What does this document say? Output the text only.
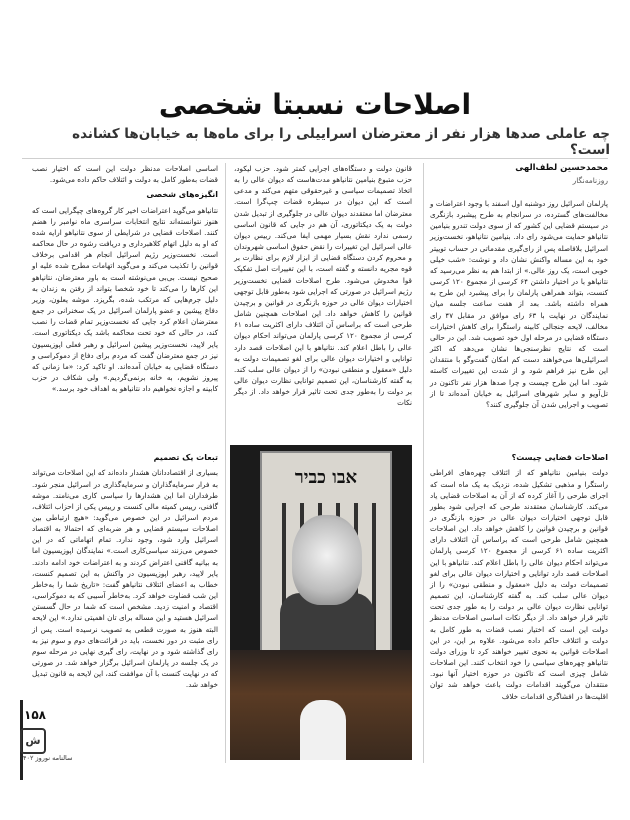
اصلاحات نسبتا شخصی
چه عاملی صدها هزار نفر از معترضان اسراییلی را برای ماه‌ها به خیابان‌ها کشانده است؟
محمدحسین لطف‌الهی
روزنامه‌نگار

پارلمان اسرائیل روز دوشنبه اول اسفند با وجود اعتراضات و مخالفت‌های گسترده، در سرانجام به طرح پیشبرد بازنگری در سیستم قضایی این کشور که از سوی دولت تندرو بنیامین نتانیاهو حمایت می‌شود رای داد. بنیامین نتانیاهو، نخست‌وزیر اسرائیل بلافاصله پس از رای‌گیری مقدماتی در حساب توییتر خود به این مساله واکنش نشان داد و نوشت: «شب خیلی خوبی است، یک روز عالی.» از ابتدا هم به نظر می‌رسید که نتانیاهو با در اختیار داشتن ۶۴ کرسی از مجموع ۱۲۰ کرسی کنست، بتواند همراهی پارلمان را برای پیشبرد این طرح به همراه داشته باشد. بعد از هفت ساعت جلسه میان نمایندگان در نهایت با ۶۳ رای موافق در مقابل ۴۷ رای مخالف، لایحه جنجالی کابینه راستگرا برای کاهش اختیارات دستگاه قضایی در مرحله اول خود تصویب شد. این در حالی است که نتایج نظرسنجی‌ها نشان می‌دهد که اکثر اسرائیلی‌ها می‌خواهند دست کم امکان گفت‌وگو با منتقدان این طرح نیز فراهم شود و از شدت این تغییرات کاسته شود. اما این طرح چیست و چرا صدها هزار نفر تاکنون در تل‌آویو و سایر شهرهای اسرائیل به خیابان آمده‌اند تا از تصویب و اجرایی شدن آن جلوگیری کنند؟

اصلاحات قضایی چیست؟

دولت بنیامین نتانیاهو که از ائتلاف چهره‌های افراطی راستگرا و مذهبی تشکیل شده، نزدیک به یک ماه است که اجرای طرحی را آغاز کرده که از آن به اصلاحات قضایی یاد می‌کند. کارشناسان معتقدند طرحی که اجرایی شود بطور قابل توجهی اختیارات دیوان عالی در حوزه بازنگری در قوانین و برچیدن قوانین را کاهش خواهد داد. این اصلاحات همچنین شامل طرحی است که براساس آن ائتلاف دارای اکثریت ساده ۶۱ کرسی از مجموع ۱۲۰ کرسی پارلمان می‌تواند احکام دیوان عالی را باطل اعلام کند. نتانیاهو با این اصلاحات قصد دارد توانایی و اختیارات دیوان عالی برای لغو تصمیمات دولت به دلیل «معقول و منطقی نبودن» را از دیوان عالی سلب کند. به گفته کارشناسان، این تصمیم توانایی نظارت دیوان عالی بر دولت را به طور جدی تحت تاثیر قرار خواهد داد. از دیگر نکات اساسی اصلاحات مدنظر دولت این است که اختیار نصب قضات به طور کامل به دولت و ائتلاف حاکم داده می‌شود. علاوه بر این، در این اصلاحات قوانین به نحوی تغییر خواهند کرد تا وزرای دولت نتانیاهو چهره‌های سیاسی را خود انتخاب کنند. این اصلاحات شامل چیزی است که تاکنون در حوزه اختیار آنها نبود. منتقدان می‌گویند اقدامات دولت باعث خواهد شد توان اقلیت‌ها در افشاگری اقدامات خلاف

قانون دولت و دستگاه‌های اجرایی کمتر شود. حزب لیکود، حزب متبوع بنیامین نتانیاهو مدت‌هاست که دیوان عالی را به اتخاذ تصمیمات سیاسی و غیرحقوقی متهم می‌کند و مدعی است که این دیوان در سیطره قضات چپ‌گرا است. معترضان اما معتقدند دیوان عالی در جلوگیری از تبدیل شدن دولت به یک دیکتاتوری، آن هم در جایی که قانون اساسی رسمی ندارد نقش بسیار مهمی ایفا می‌کند. رییس دیوان عالی اسرائیل این تغییرات را نقض حقوق اساسی شهروندان و محروم کردن دستگاه قضایی از ابزار لازم برای نظارت بر قوه مجریه دانسته و گفته است، با این تغییرات اصل تفکیک قوا مخدوش می‌شود. طرح اصلاحات قضایی نخست‌وزیر رژیم اسرائیل در صورتی که اجرایی شود به‌طور قابل توجهی اختیارات دیوان عالی در حوزه بازنگری در قوانین و برچیدن قوانین را کاهش خواهد داد. این اصلاحات همچنین شامل طرحی است که براساس آن ائتلاف دارای اکثریت ساده ۶۱ کرسی از مجموع ۱۲۰ کرسی پارلمان می‌تواند احکام دیوان عالی را باطل اعلام کند. نتانیاهو با این اصلاحات قصد دارد توانایی و اختیارات دیوان عالی برای لغو تصمیمات دولت به دلیل «معقول و منطقی نبودن» را از دیوان عالی سلب کند. به گفته کارشناسان، این تصمیم توانایی نظارت دیوان عالی بر دولت را به‌طور جدی تحت تاثیر قرار خواهد داد. از دیگر نکات

اساسی اصلاحات مدنظر دولت این است که اختیار نصب قضات به‌طور کامل به دولت و ائتلاف حاکم داده می‌شود.

انگیزه‌های شخصی

نتانیاهو می‌گوید اعتراضات اخیر کار گروه‌های چپگرایی است که هنوز نتوانسته‌اند نتایج انتخابات سراسری ماه نوامبر را هضم کنند. اصلاحات قضایی در شرایطی از سوی نتانیاهو ارایه شده که او به دلیل اتهام کلاهبرداری و دریافت رشوه در حال محاکمه است. نخست‌وزیر رژیم اسرائیل انجام هر اقدامی برخلاف قوانین را تکذیب می‌کند و می‌گوید اتهامات مطرح شده علیه او صحیح نیست. بی‌بی می‌نوشته است به باور معترضان، نتانیاهو این کارها را می‌کند تا خود شخصا بتواند از رفتن به زندان به دلیل جرم‌هایی که مرتکب شده، بگریزد. موشه یعلون، وزیر دفاع پیشین و عضو پارلمان اسرائیل در یک سخنرانی در جمع معترضان اعلام کرد جایی که نخست‌وزیر تمام قضات را نصب کند، در حالی که خود تحت محاکمه باشد یک دیکتاتوری است. یایر لاپید، نخست‌وزیر پیشین اسرائیل و رهبر فعلی اپوزیسیون نیز در جمع معترضان گفت که مردم برای دفاع از دموکراسی و دستگاه قضایی به خیابان آمده‌اند. او تاکید کرد: «ما زمانی که پیروز نشویم، به خانه برنمی‌گردیم.» ولی شکاف در حزب کابینه و اجازه نخواهیم داد نتانیاهو به اهداف خود برسد.»

تبعات یک تصمیم

بسیاری از اقتصاددانان هشدار داده‌اند که این اصلاحات می‌تواند به فرار سرمایه‌گذاران و سرمایه‌گذاری در اسرائیل منجر شود. طرفداران اما این هشدارها را سیاسی کاری می‌نامند. موشه گافنی، رییس کمیته مالی کنست و رییس یکی از احزاب ائتلاف، مردم اسرائیل در این خصوص می‌گوید: «هیچ ارتباطی بین اصلاحات سیستم قضایی و هر ضربه‌ای که احتمالا به اقتصاد اسرائیل وارد شود، وجود ندارد. تمام اتهاماتی که در این خصوص می‌زنند سیاسی‌کاری است.» نمایندگان اپوزیسیون اما به بیانیه گافنی اعتراض کردند و به اعتراضات خود ادامه دادند. یایر لاپید، رهبر اپوزیسیون در واکنش به این تصمیم کنست، خطاب به اعضای ائتلاف نتانیاهو گفت: «تاریخ شما را به‌خاطر این شب قضاوت خواهد کرد. به‌خاطر آسیبی که به دموکراسی، اقتصاد و امنیت زدید. مشخص است که شما در حال گسستن اسرائیل هستید و این مساله برای تان اهمیتی ندارد.» این لایحه البته هنوز به صورت قطعی به تصویب نرسیده است. پس از رای مثبت در دور نخست، باید در قرائت‌های دوم و سوم نیز به رای گذاشته شود و در نهایت، رای گیری نهایی در مرحله سوم در یک جلسه در پارلمان اسرائیل برگزار خواهد شد. در صورتی که در نهایت کنست با آن موافقت کند، این لایحه به قانون تبدیل خواهد شد.

אבו כביר
۱۵۸
ش
سالنامه نوروز ۱۴۰۲
